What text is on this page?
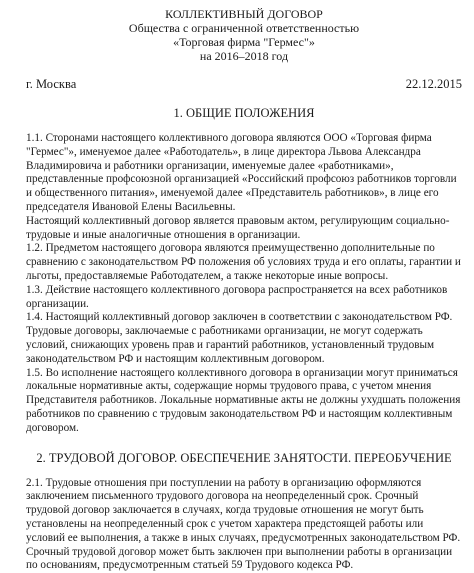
КОЛЛЕКТИВНЫЙ ДОГОВОР
Общества с ограниченной ответственностью
«Торговая фирма "Гермес"»
на 2016–2018 год
г. Москва	22.12.2015
1. ОБЩИЕ ПОЛОЖЕНИЯ

1.1. Сторонами настоящего коллективного договора являются ООО «Торговая фирма "Гермес"», именуемое далее «Работодатель», в лице директора Львова Александра Владимировича и работники организации, именуемые далее «работниками», представленные профсоюзной организацией «Российский профсоюз работников торговли и общественного питания», именуемой далее «Представитель работников», в лице его председателя Ивановой Елены Васильевны.

Настоящий коллективный договор является правовым актом, регулирующим социально-трудовые и иные аналогичные отношения в организации.

1.2. Предметом настоящего договора являются преимущественно дополнительные по сравнению с законодательством РФ положения об условиях труда и его оплаты, гарантии и льготы, предоставляемые Работодателем, а также некоторые иные вопросы.

1.3. Действие настоящего коллективного договора распространяется на всех работников организации.

1.4. Настоящий коллективный договор заключен в соответствии с законодательством РФ. Трудовые договоры, заключаемые с работниками организации, не могут содержать условий, снижающих уровень прав и гарантий работников, установленный трудовым законодательством РФ и настоящим коллективным договором.

1.5. Во исполнение настоящего коллективного договора в организации могут приниматься локальные нормативные акты, содержащие нормы трудового права, с учетом мнения Представителя работников. Локальные нормативные акты не должны ухудшать положения работников по сравнению с трудовым законодательством РФ и настоящим коллективным договором.

2. ТРУДОВОЙ ДОГОВОР. ОБЕСПЕЧЕНИЕ ЗАНЯТОСТИ. ПЕРЕОБУЧЕНИЕ

2.1. Трудовые отношения при поступлении на работу в организацию оформляются заключением письменного трудового договора на неопределенный срок. Срочный трудовой договор заключается в случаях, когда трудовые отношения не могут быть установлены на неопределенный срок с учетом характера предстоящей работы или условий ее выполнения, а также в иных случаях, предусмотренных законодательством РФ. Срочный трудовой договор может быть заключен при выполнении работы в организации по основаниям, предусмотренным статьей 59 Трудового кодекса РФ.
